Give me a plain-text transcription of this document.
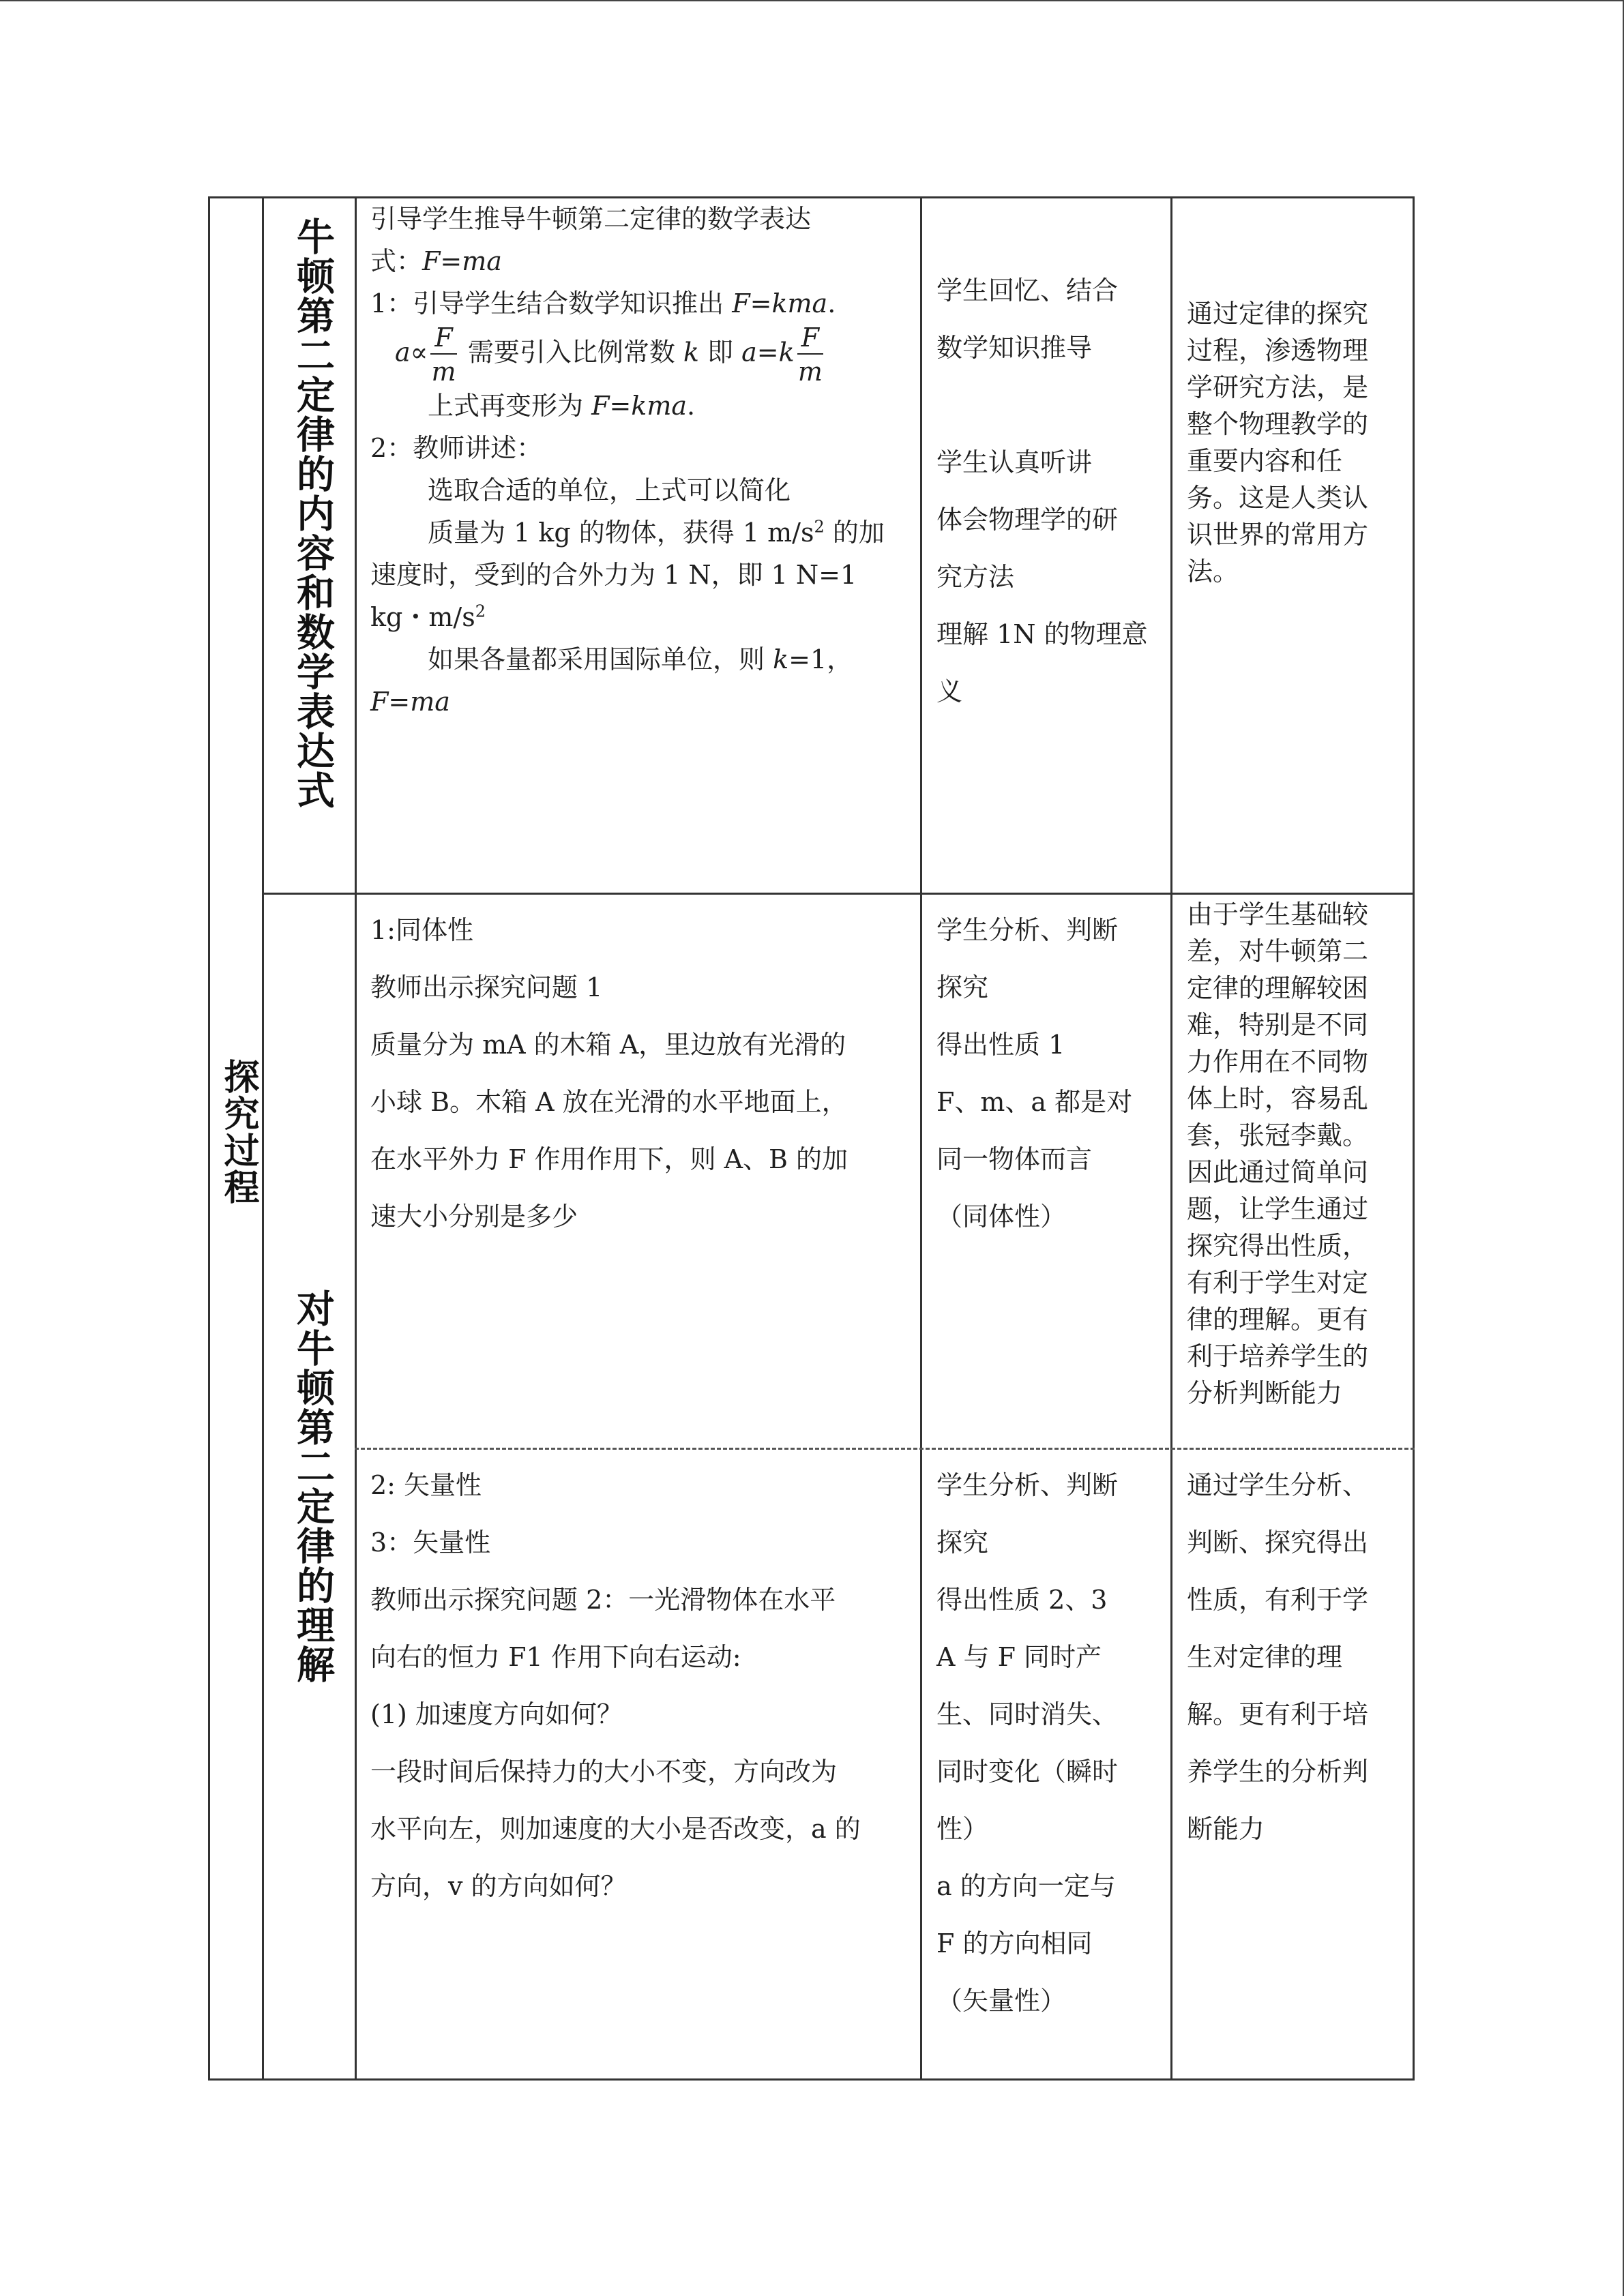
探究过程
牛顿第二定律的内容和数学表达式
对牛顿第二定律的理解

引导学生推导牛顿第二定律的数学表达

式：F=ma

1：引导学生结合数学知识推出 F=kma.

$a\propto \frac{F}{m}$ 需要引入比例常数 k 即 $a=k \frac{F}{m}$

上式再变形为 F=kma.

2：教师讲述：

选取合适的单位，上式可以简化

质量为 1 kg 的物体，获得 1 $m/s^2$ 的加

速度时，受到的合外力为 1 N，即 1 N=1

kg・$m/s^2$

如果各量都采用国际单位，则 k=1，

F=ma

学生回忆、结合

数学知识推导

学生认真听讲

体会物理学的研

究方法

理解 1N 的物理意

义

通过定律的探究

过程，渗透物理

学研究方法，是

整个物理教学的

重要内容和任

务。这是人类认

识世界的常用方

法。

1:同体性

教师出示探究问题 1

质量分为 mA 的木箱 A，里边放有光滑的

小球 B。木箱 A 放在光滑的水平地面上，

在水平外力 F 作用作用下，则 A、B 的加

速大小分别是多少

学生分析、判断

探究

得出性质 1

F、m、a 都是对

同一物体而言

（同体性）

由于学生基础较

差，对牛顿第二

定律的理解较困

难，特别是不同

力作用在不同物

体上时，容易乱

套，张冠李戴。

因此通过简单问

题，让学生通过

探究得出性质，

有利于学生对定

律的理解。更有

利于培养学生的

分析判断能力

2: 矢量性

3：矢量性

教师出示探究问题 2：一光滑物体在水平

向右的恒力 F1 作用下向右运动:

(1) 加速度方向如何？

一段时间后保持力的大小不变，方向改为

水平向左，则加速度的大小是否改变，a 的

方向，v 的方向如何？

学生分析、判断

探究

得出性质 2、3

A 与 F 同时产

生、同时消失、

同时变化（瞬时

性）

a 的方向一定与

F 的方向相同

（矢量性）

通过学生分析、

判断、探究得出

性质，有利于学

生对定律的理

解。更有利于培

养学生的分析判

断能力
